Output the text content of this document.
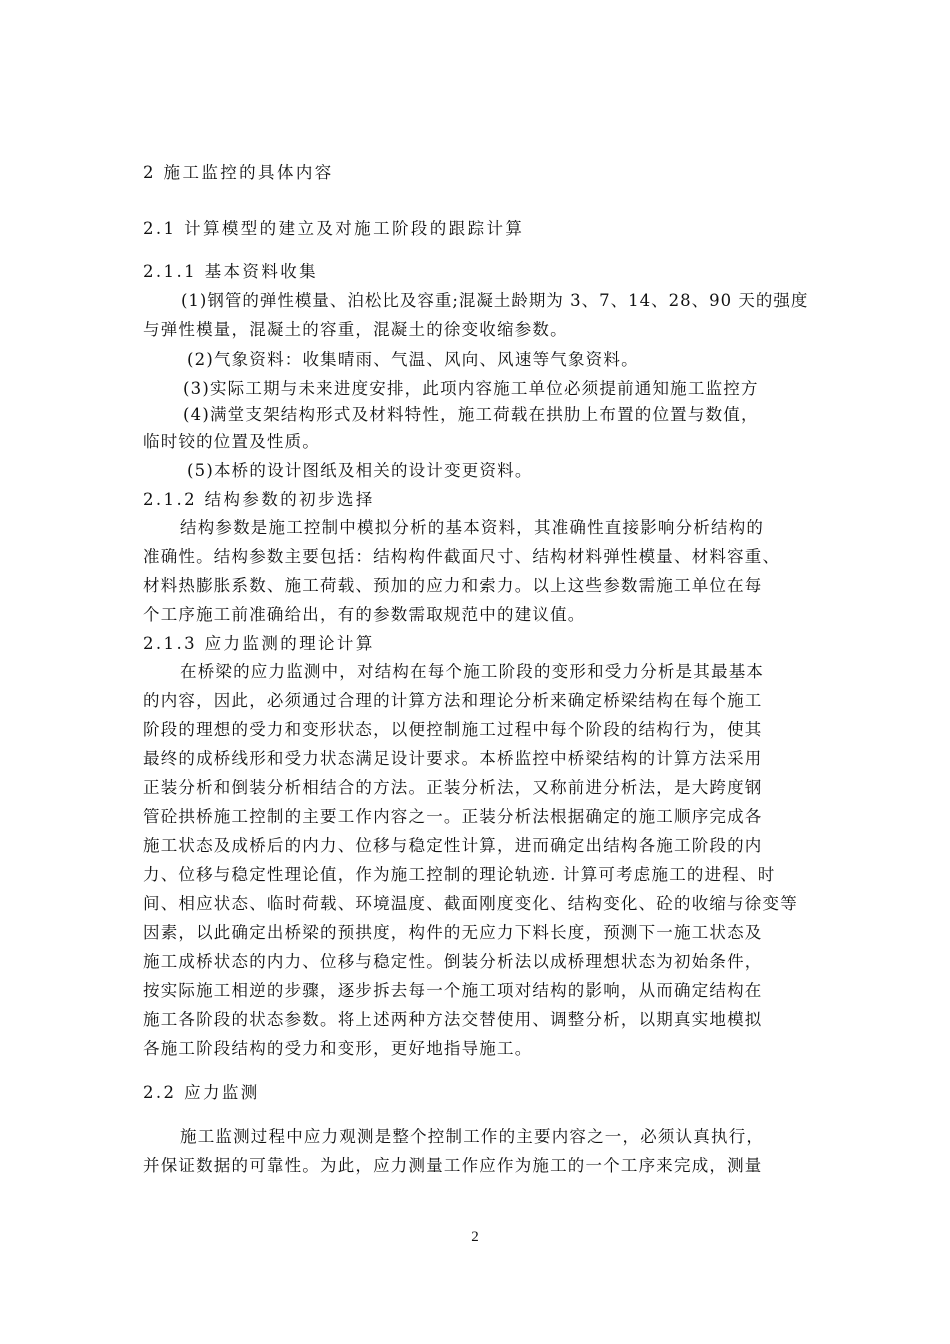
2 施工监控的具体内容
2.1 计算模型的建立及对施工阶段的跟踪计算
2.1.1 基本资料收集
(1)钢管的弹性模量、泊松比及容重;混凝土龄期为 3、7、14、28、90 天的强度
与弹性模量，混凝土的容重，混凝土的徐变收缩参数。
(2)气象资料：收集晴雨、气温、风向、风速等气象资料。
(3)实际工期与未来进度安排，此项内容施工单位必须提前通知施工监控方
(4)满堂支架结构形式及材料特性，施工荷载在拱肋上布置的位置与数值，
临时铰的位置及性质。
(5)本桥的设计图纸及相关的设计变更资料。
2.1.2 结构参数的初步选择
结构参数是施工控制中模拟分析的基本资料，其准确性直接影响分析结构的
准确性。结构参数主要包括：结构构件截面尺寸、结构材料弹性模量、材料容重、
材料热膨胀系数、施工荷载、预加的应力和索力。以上这些参数需施工单位在每
个工序施工前准确给出，有的参数需取规范中的建议值。
2.1.3 应力监测的理论计算
在桥梁的应力监测中，对结构在每个施工阶段的变形和受力分析是其最基本
的内容，因此，必须通过合理的计算方法和理论分析来确定桥梁结构在每个施工
阶段的理想的受力和变形状态，以便控制施工过程中每个阶段的结构行为，使其
最终的成桥线形和受力状态满足设计要求。本桥监控中桥梁结构的计算方法采用
正装分析和倒装分析相结合的方法。正装分析法，又称前进分析法，是大跨度钢
管砼拱桥施工控制的主要工作内容之一。正装分析法根据确定的施工顺序完成各
施工状态及成桥后的内力、位移与稳定性计算，进而确定出结构各施工阶段的内
力、位移与稳定性理论值，作为施工控制的理论轨迹. 计算可考虑施工的进程、时
间、相应状态、临时荷载、环境温度、截面刚度变化、结构变化、砼的收缩与徐变等
因素，以此确定出桥梁的预拱度，构件的无应力下料长度，预测下一施工状态及
施工成桥状态的内力、位移与稳定性。倒装分析法以成桥理想状态为初始条件，
按实际施工相逆的步骤，逐步拆去每一个施工项对结构的影响，从而确定结构在
施工各阶段的状态参数。将上述两种方法交替使用、调整分析，以期真实地模拟
各施工阶段结构的受力和变形，更好地指导施工。
2.2 应力监测
施工监测过程中应力观测是整个控制工作的主要内容之一，必须认真执行，
并保证数据的可靠性。为此，应力测量工作应作为施工的一个工序来完成，测量
2
